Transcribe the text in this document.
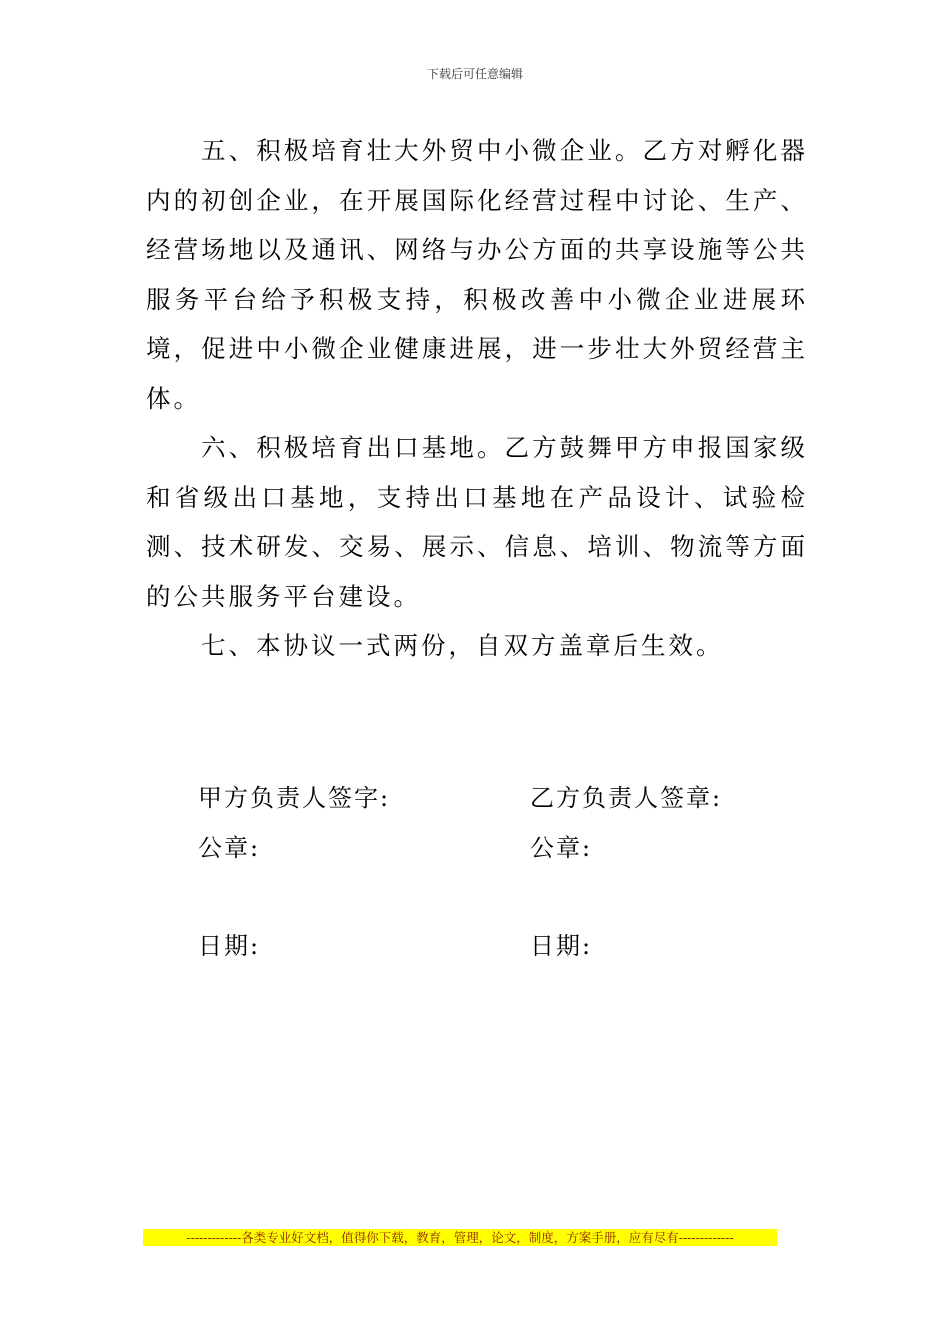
下载后可任意编辑

五、积极培育壮大外贸中小微企业。乙方对孵化器内的初创企业，在开展国际化经营过程中讨论、生产、经营场地以及通讯、网络与办公方面的共享设施等公共服务平台给予积极支持，积极改善中小微企业进展环境，促进中小微企业健康进展，进一步壮大外贸经营主体。

六、积极培育出口基地。乙方鼓舞甲方申报国家级和省级出口基地，支持出口基地在产品设计、试验检测、技术研发、交易、展示、信息、培训、物流等方面的公共服务平台建设。

七、本协议一式两份，自双方盖章后生效。

甲方负责人签字:	乙方负责人签章:
公章:	公章:
日期:	日期:
-------------各类专业好文档，值得你下载，教育，管理，论文，制度，方案手册，应有尽有-------------
